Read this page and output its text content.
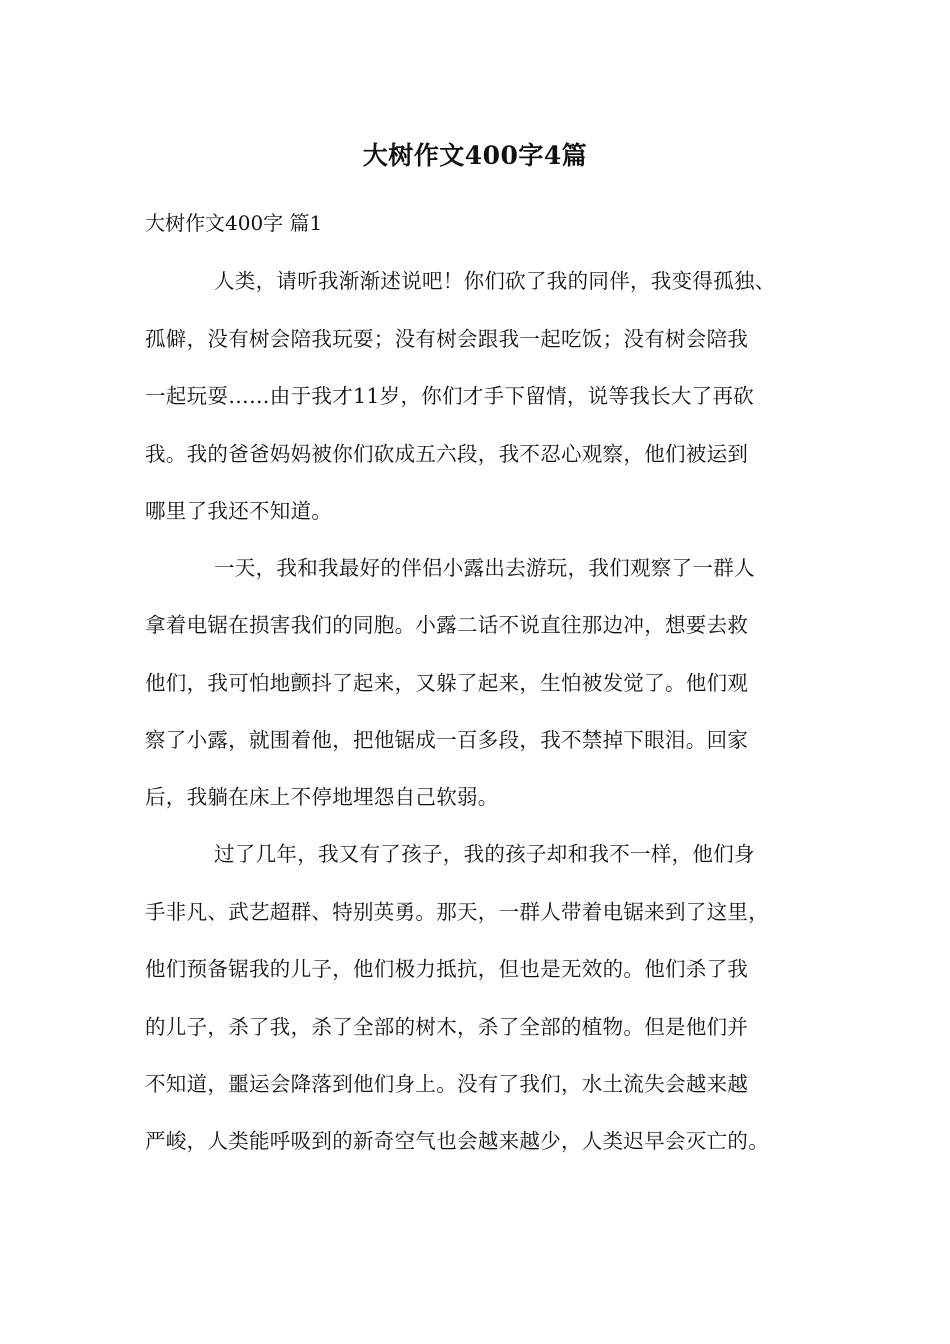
大树作文400字4篇
大树作文400字 篇1
人类，请听我渐渐述说吧！你们砍了我的同伴，我变得孤独、
孤僻，没有树会陪我玩耍；没有树会跟我一起吃饭；没有树会陪我
一起玩耍……由于我才11岁，你们才手下留情，说等我长大了再砍
我。我的爸爸妈妈被你们砍成五六段，我不忍心观察，他们被运到
哪里了我还不知道。
一天，我和我最好的伴侣小露出去游玩，我们观察了一群人
拿着电锯在损害我们的同胞。小露二话不说直往那边冲，想要去救
他们，我可怕地颤抖了起来，又躲了起来，生怕被发觉了。他们观
察了小露，就围着他，把他锯成一百多段，我不禁掉下眼泪。回家
后，我躺在床上不停地埋怨自己软弱。
过了几年，我又有了孩子，我的孩子却和我不一样，他们身
手非凡、武艺超群、特别英勇。那天，一群人带着电锯来到了这里，
他们预备锯我的儿子，他们极力抵抗，但也是无效的。他们杀了我
的儿子，杀了我，杀了全部的树木，杀了全部的植物。但是他们并
不知道，噩运会降落到他们身上。没有了我们，水土流失会越来越
严峻，人类能呼吸到的新奇空气也会越来越少，人类迟早会灭亡的。
